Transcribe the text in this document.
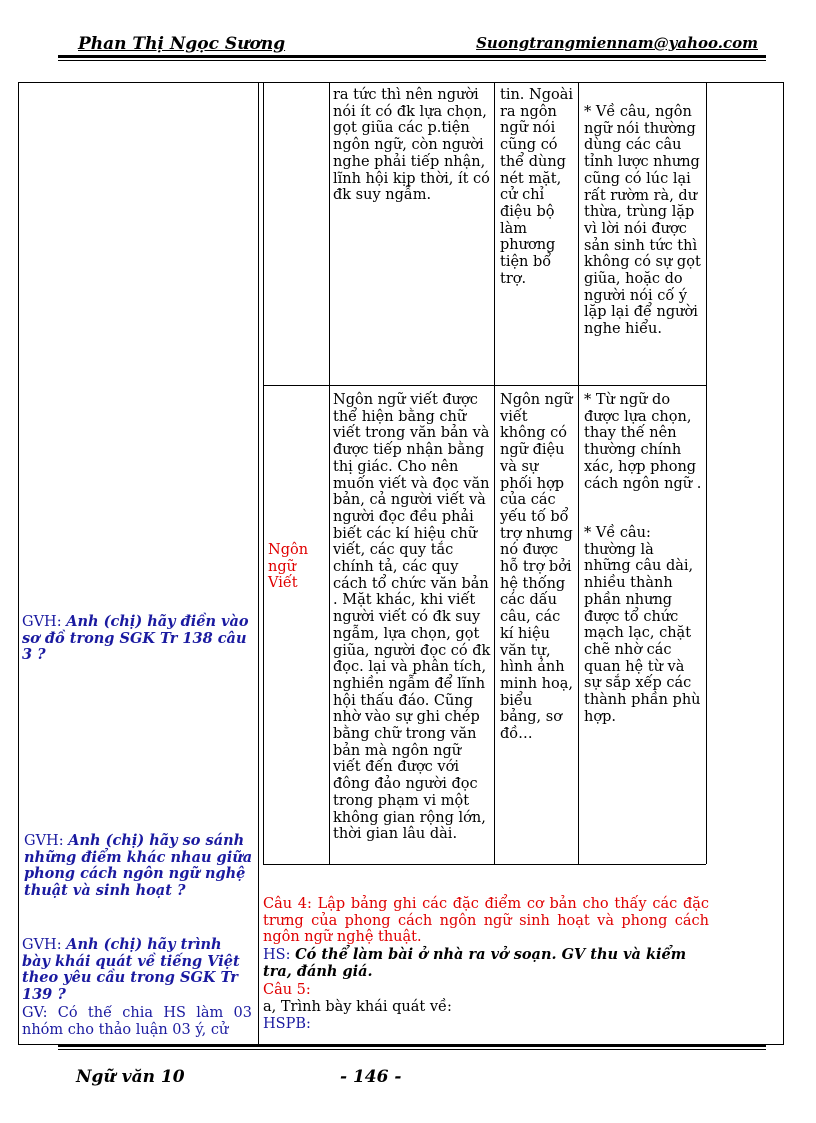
Phan Thị Ngọc Sương	Suongtrangmiennam@yahoo.com
ra tức thì nên người nói ít có đk lựa chọn, gọt giũa các p.tiện ngôn ngữ, còn người nghe phải tiếp nhận, lĩnh hội kịp thời, ít có đk suy ngẫm.
tin. Ngoài ra ngôn ngữ nói cũng có thể dùng nét mặt, cử chỉ điệu bộ làm phương tiện bổ trợ.
* Về câu, ngôn ngữ nói thường dùng các câu tỉnh lược nhưng cũng có lúc lại rất rườm rà, dư thừa, trùng lặp vì lời nói được sản sinh tức thì không có sự gọt giũa, hoặc do người nói cố ý lặp lại để người nghe hiểu.
Ngôn ngữ Viết
Ngôn ngữ viết được thể hiện bằng chữ viết trong văn bản và được tiếp nhận bằng thị giác. Cho nên muốn viết và đọc văn bản, cả người viết và người đọc đều phải biết các kí hiệu chữ viết, các quy tắc chính tả, các quy cách tổ chức văn bản . Mặt khác, khi viết người viết có đk suy ngẫm, lựa chọn, gọt giũa, người đọc có đk đọc. lại và phân tích, nghiền ngẫm để lĩnh hội thấu đáo. Cũng nhờ vào sự ghi chép bằng chữ trong văn bản mà ngôn ngữ viết đến được với đông đảo người đọc trong phạm vi một không gian rộng lớn, thời gian lâu dài.
Ngôn ngữ viết không có ngữ điệu và sự phối hợp của các yếu tố bổ trợ nhưng nó được hỗ trợ bởi hệ thống các dấu câu, các kí hiệu văn tự, hình ảnh minh hoạ, biểu bảng, sơ đồ…
* Từ ngữ do được lựa chọn, thay thế nên thường chính xác, hợp phong cách ngôn ngữ .
* Về câu: thường là những câu dài, nhiều thành phần nhưng được tổ chức mạch lạc, chặt chẽ nhờ các quan hệ từ và sự sắp xếp các thành phần phù hợp.
GVH: Anh (chị) hãy điền vào sơ đồ trong SGK Tr 138 câu 3 ?
GVH: Anh (chị) hãy so sánh những điểm khác nhau giữa phong cách ngôn ngữ nghệ thuật và sinh hoạt ?
GVH: Anh (chị) hãy trình bày khái quát về tiếng Việt theo yêu cầu trong SGK Tr 139 ?
GV: Có thể chia HS làm 03 nhóm cho thảo luận 03 ý, cử
Câu 4: Lập bảng ghi các đặc điểm cơ bản cho thấy các đặc trưng của phong cách ngôn ngữ sinh hoạt và phong cách ngôn ngữ nghệ thuật.
HS: Có thể làm bài ở nhà ra vở soạn. GV thu và kiểm tra, đánh giá.
Câu 5:
a, Trình bày khái quát về:
HSPB:
Ngữ văn 10	- 146 -
